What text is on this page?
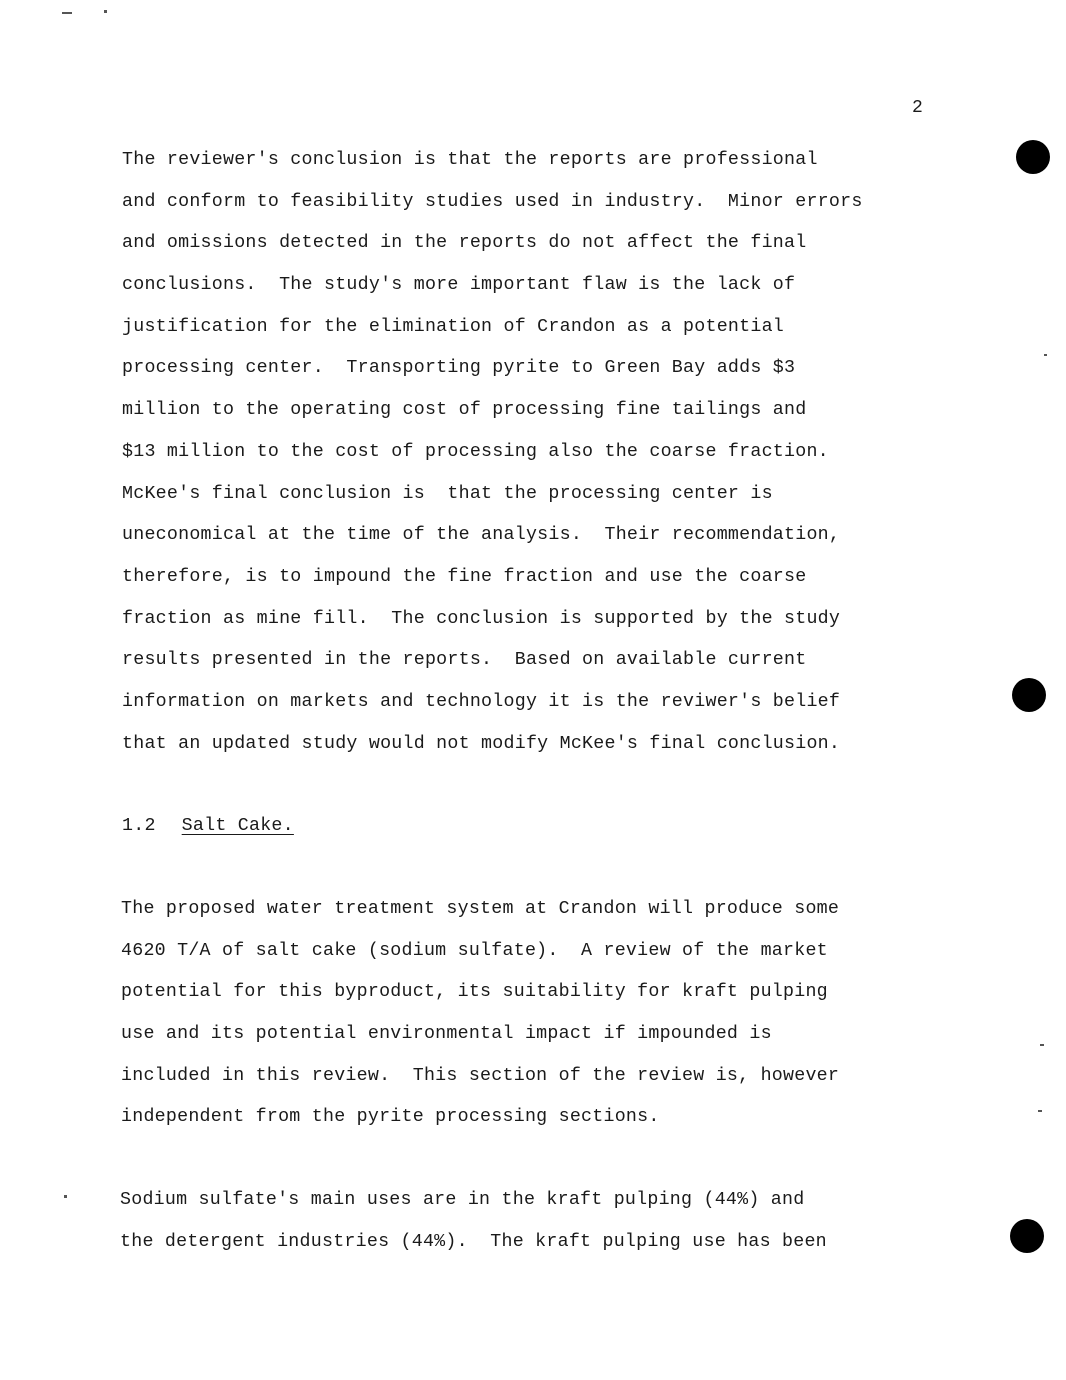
2

The reviewer's conclusion is that the reports are professional
and conform to feasibility studies used in industry.  Minor errors
and omissions detected in the reports do not affect the final
conclusions.  The study's more important flaw is the lack of
justification for the elimination of Crandon as a potential
processing center.  Transporting pyrite to Green Bay adds $3
million to the operating cost of processing fine tailings and
$13 million to the cost of processing also the coarse fraction.
McKee's final conclusion is  that the processing center is
uneconomical at the time of the analysis.  Their recommendation,
therefore, is to impound the fine fraction and use the coarse
fraction as mine fill.  The conclusion is supported by the study
results presented in the reports.  Based on available current
information on markets and technology it is the reviwer's belief
that an updated study would not modify McKee's final conclusion.

1.2 Salt Cake.

The proposed water treatment system at Crandon will produce some
4620 T/A of salt cake (sodium sulfate).  A review of the market
potential for this byproduct, its suitability for kraft pulping
use and its potential environmental impact if impounded is
included in this review.  This section of the review is, however
independent from the pyrite processing sections.

Sodium sulfate's main uses are in the kraft pulping (44%) and
the detergent industries (44%).  The kraft pulping use has been
